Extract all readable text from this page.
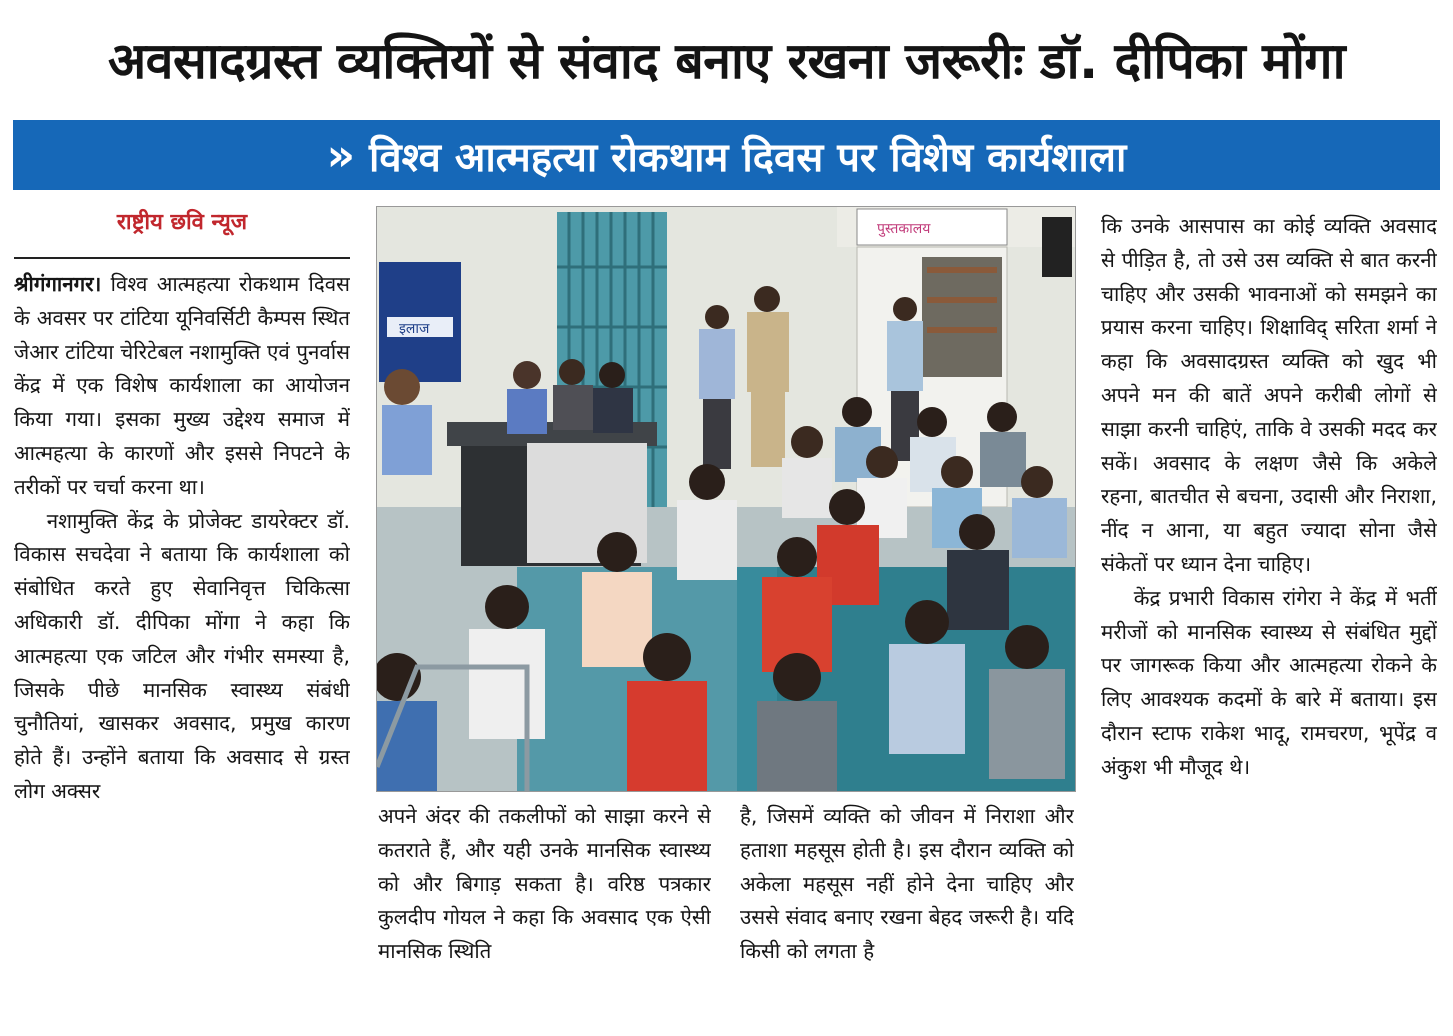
अवसादग्रस्त व्यक्तियों से संवाद बनाए रखना जरूरीः डॉ. दीपिका मोंगा
» विश्व आत्महत्या रोकथाम दिवस पर विशेष कार्यशाला
राष्ट्रीय छवि न्यूज

श्रीगंगानगर। विश्व आत्महत्या रोकथाम दिवस के अवसर पर टांटिया यूनिवर्सिटी कैम्पस स्थित जेआर टांटिया चेरिटेबल नशामुक्ति एवं पुनर्वास केंद्र में एक विशेष कार्यशाला का आयोजन किया गया। इसका मुख्य उद्देश्य समाज में आत्महत्या के कारणों और इससे निपटने के तरीकों पर चर्चा करना था।

नशामुक्ति केंद्र के प्रोजेक्ट डायरेक्टर डॉ. विकास सचदेवा ने बताया कि कार्यशाला को संबोधित करते हुए सेवानिवृत्त चिकित्सा अधिकारी डॉ. दीपिका मोंगा ने कहा कि आत्महत्या एक जटिल और गंभीर समस्या है, जिसके पीछे मानसिक स्वास्थ्य संबंधी चुनौतियां, खासकर अवसाद, प्रमुख कारण होते हैं। उन्होंने बताया कि अवसाद से ग्रस्त लोग अक्सर

इलाज
पुस्तकालय

अपने अंदर की तकलीफों को साझा करने से कतराते हैं, और यही उनके मानसिक स्वास्थ्य को और बिगाड़ सकता है। वरिष्ठ पत्रकार कुलदीप गोयल ने कहा कि अवसाद एक ऐसी मानसिक स्थिति

है, जिसमें व्यक्ति को जीवन में निराशा और हताशा महसूस होती है। इस दौरान व्यक्ति को अकेला महसूस नहीं होने देना चाहिए और उससे संवाद बनाए रखना बेहद जरूरी है। यदि किसी को लगता है

कि उनके आसपास का कोई व्यक्ति अवसाद से पीड़ित है, तो उसे उस व्यक्ति से बात करनी चाहिए और उसकी भावनाओं को समझने का प्रयास करना चाहिए। शिक्षाविद् सरिता शर्मा ने कहा कि अवसादग्रस्त व्यक्ति को खुद भी अपने मन की बातें अपने करीबी लोगों से साझा करनी चाहिएं, ताकि वे उसकी मदद कर सकें। अवसाद के लक्षण जैसे कि अकेले रहना, बातचीत से बचना, उदासी और निराशा, नींद न आना, या बहुत ज्यादा सोना जैसे संकेतों पर ध्यान देना चाहिए।

केंद्र प्रभारी विकास रांगेरा ने केंद्र में भर्ती मरीजों को मानसिक स्वास्थ्य से संबंधित मुद्दों पर जागरूक किया और आत्महत्या रोकने के लिए आवश्यक कदमों के बारे में बताया। इस दौरान स्टाफ राकेश भादू, रामचरण, भूपेंद्र व अंकुश भी मौजूद थे।
